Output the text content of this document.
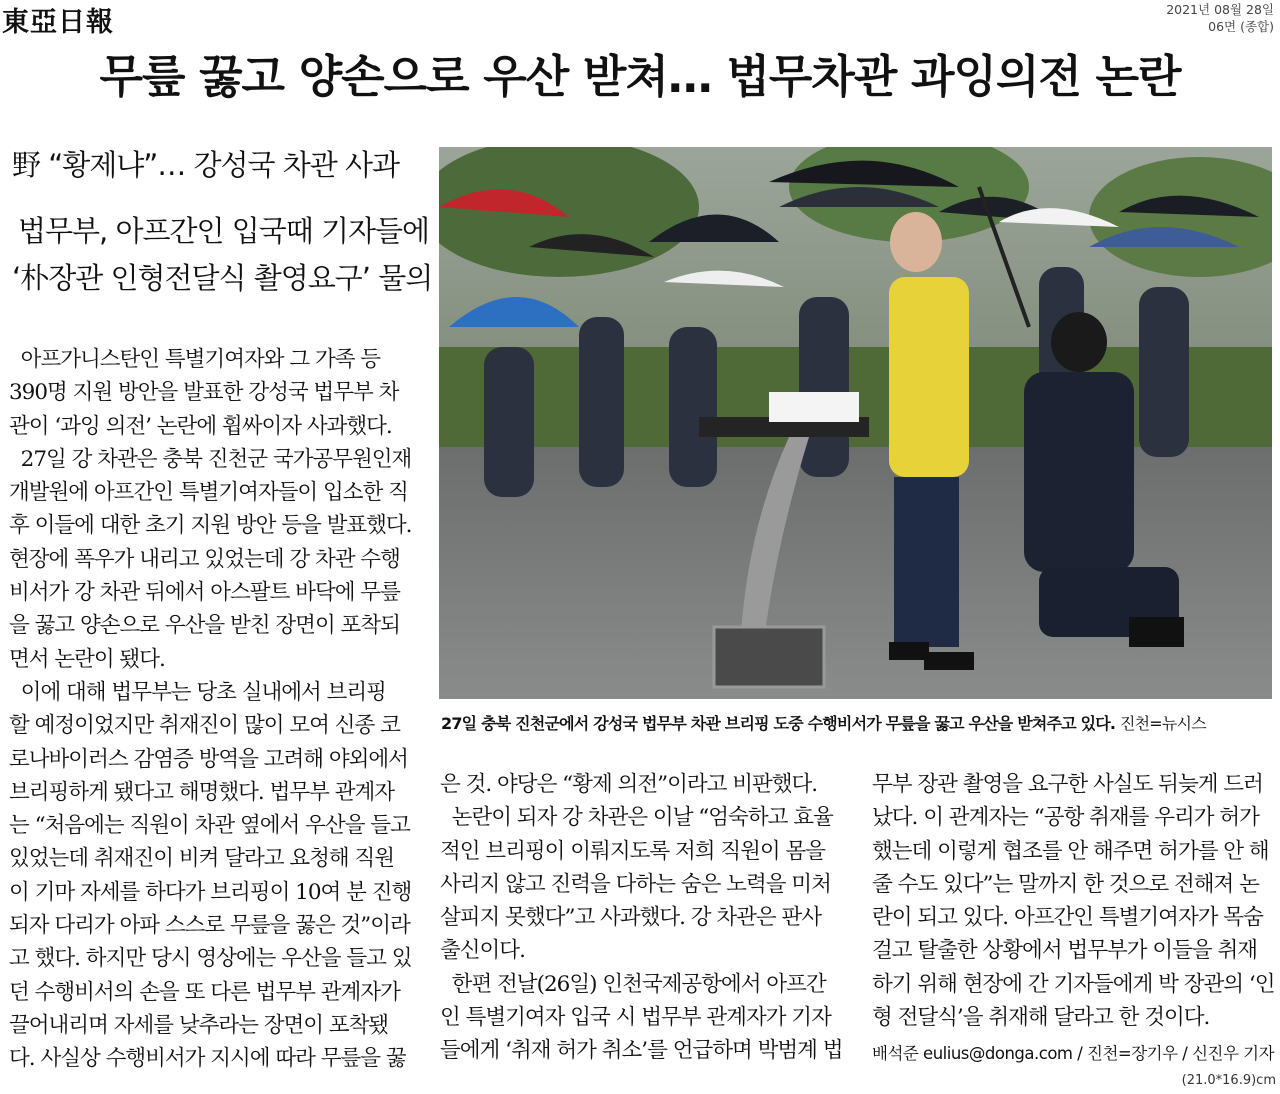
東亞日報	2021년 08월 28일
06면 (종합)
무릎 꿇고 양손으로 우산 받쳐… 법무차관 과잉의전 논란
野 “황제냐”… 강성국 차관 사과
법무부, 아프간인 입국때 기자들에
‘朴장관 인형전달식 촬영요구’ 물의

아프가니스탄인 특별기여자와 그 가족 등

390명 지원 방안을 발표한 강성국 법무부 차

관이 ‘과잉 의전’ 논란에 휩싸이자 사과했다.

27일 강 차관은 충북 진천군 국가공무원인재

개발원에 아프간인 특별기여자들이 입소한 직

후 이들에 대한 초기 지원 방안 등을 발표했다.

현장에 폭우가 내리고 있었는데 강 차관 수행

비서가 강 차관 뒤에서 아스팔트 바닥에 무릎

을 꿇고 양손으로 우산을 받친 장면이 포착되

면서 논란이 됐다.

이에 대해 법무부는 당초 실내에서 브리핑

할 예정이었지만 취재진이 많이 모여 신종 코

로나바이러스 감염증 방역을 고려해 야외에서

브리핑하게 됐다고 해명했다. 법무부 관계자

는 “처음에는 직원이 차관 옆에서 우산을 들고

있었는데 취재진이 비켜 달라고 요청해 직원

이 기마 자세를 하다가 브리핑이 10여 분 진행

되자 다리가 아파 스스로 무릎을 꿇은 것”이라

고 했다. 하지만 당시 영상에는 우산을 들고 있

던 수행비서의 손을 또 다른 법무부 관계자가

끌어내리며 자세를 낮추라는 장면이 포착됐

다. 사실상 수행비서가 지시에 따라 무릎을 꿇

27일 충북 진천군에서 강성국 법무부 차관 브리핑 도중 수행비서가 무릎을 꿇고 우산을 받쳐주고 있다. 진천=뉴시스

은 것. 야당은 “황제 의전”이라고 비판했다.

논란이 되자 강 차관은 이날 “엄숙하고 효율

적인 브리핑이 이뤄지도록 저희 직원이 몸을

사리지 않고 진력을 다하는 숨은 노력을 미처

살피지 못했다”고 사과했다. 강 차관은 판사

출신이다.

한편 전날(26일) 인천국제공항에서 아프간

인 특별기여자 입국 시 법무부 관계자가 기자

들에게 ‘취재 허가 취소’를 언급하며 박범계 법

무부 장관 촬영을 요구한 사실도 뒤늦게 드러

났다. 이 관계자는 “공항 취재를 우리가 허가

했는데 이렇게 협조를 안 해주면 허가를 안 해

줄 수도 있다”는 말까지 한 것으로 전해져 논

란이 되고 있다. 아프간인 특별기여자가 목숨

걸고 탈출한 상황에서 법무부가 이들을 취재

하기 위해 현장에 간 기자들에게 박 장관의 ‘인

형 전달식’을 취재해 달라고 한 것이다.

배석준 eulius@donga.com / 진천=장기우 / 신진우 기자
(21.0*16.9)cm
